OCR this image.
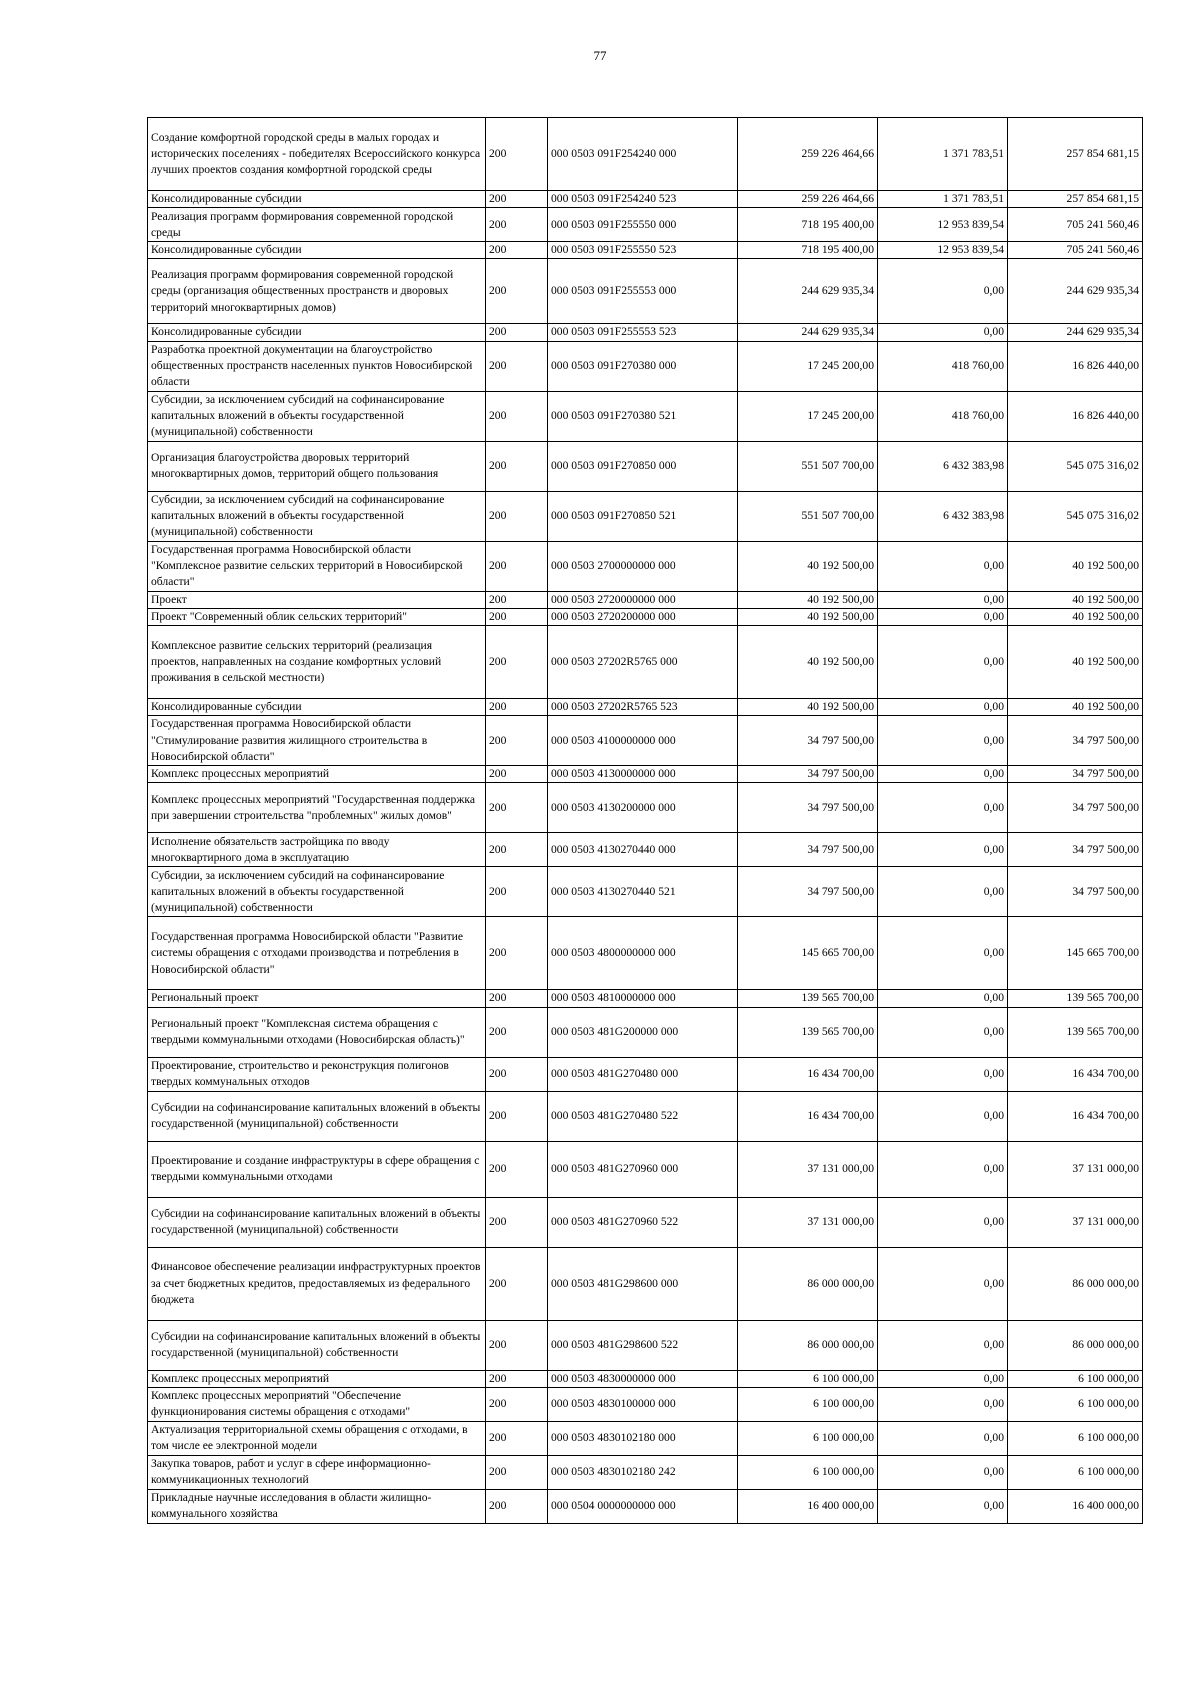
77
Создание комфортной городской среды в малых городах и исторических поселениях - победителях Всероссийского конкурса лучших проектов создания комфортной городской среды	200	000 0503 091F254240 000	259 226 464,66	1 371 783,51	257 854 681,15
Консолидированные субсидии	200	000 0503 091F254240 523	259 226 464,66	1 371 783,51	257 854 681,15
Реализация программ формирования современной городской среды	200	000 0503 091F255550 000	718 195 400,00	12 953 839,54	705 241 560,46
Консолидированные субсидии	200	000 0503 091F255550 523	718 195 400,00	12 953 839,54	705 241 560,46
Реализация программ формирования современной городской среды (организация общественных пространств и дворовых территорий многоквартирных домов)	200	000 0503 091F255553 000	244 629 935,34	0,00	244 629 935,34
Консолидированные субсидии	200	000 0503 091F255553 523	244 629 935,34	0,00	244 629 935,34
Разработка проектной документации на благоустройство общественных пространств населенных пунктов Новосибирской области	200	000 0503 091F270380 000	17 245 200,00	418 760,00	16 826 440,00
Субсидии, за исключением субсидий на софинансирование капитальных вложений в объекты государственной (муниципальной) собственности	200	000 0503 091F270380 521	17 245 200,00	418 760,00	16 826 440,00
Организация благоустройства дворовых территорий многоквартирных домов, территорий общего пользования	200	000 0503 091F270850 000	551 507 700,00	6 432 383,98	545 075 316,02
Субсидии, за исключением субсидий на софинансирование капитальных вложений в объекты государственной (муниципальной) собственности	200	000 0503 091F270850 521	551 507 700,00	6 432 383,98	545 075 316,02
Государственная программа Новосибирской области "Комплексное развитие сельских территорий в Новосибирской области"	200	000 0503 2700000000 000	40 192 500,00	0,00	40 192 500,00
Проект	200	000 0503 2720000000 000	40 192 500,00	0,00	40 192 500,00
Проект "Современный облик сельских территорий"	200	000 0503 2720200000 000	40 192 500,00	0,00	40 192 500,00
Комплексное развитие сельских территорий (реализация проектов, направленных на создание комфортных условий проживания в сельской местности)	200	000 0503 27202R5765 000	40 192 500,00	0,00	40 192 500,00
Консолидированные субсидии	200	000 0503 27202R5765 523	40 192 500,00	0,00	40 192 500,00
Государственная программа Новосибирской области "Стимулирование развития жилищного строительства в Новосибирской области"	200	000 0503 4100000000 000	34 797 500,00	0,00	34 797 500,00
Комплекс процессных мероприятий	200	000 0503 4130000000 000	34 797 500,00	0,00	34 797 500,00
Комплекс процессных мероприятий "Государственная поддержка при завершении строительства "проблемных" жилых домов"	200	000 0503 4130200000 000	34 797 500,00	0,00	34 797 500,00
Исполнение обязательств застройщика по вводу многоквартирного дома в эксплуатацию	200	000 0503 4130270440 000	34 797 500,00	0,00	34 797 500,00
Субсидии, за исключением субсидий на софинансирование капитальных вложений в объекты государственной (муниципальной) собственности	200	000 0503 4130270440 521	34 797 500,00	0,00	34 797 500,00
Государственная программа Новосибирской области "Развитие системы обращения с отходами производства и потребления в Новосибирской области"	200	000 0503 4800000000 000	145 665 700,00	0,00	145 665 700,00
Региональный проект	200	000 0503 4810000000 000	139 565 700,00	0,00	139 565 700,00
Региональный проект "Комплексная система обращения с твердыми коммунальными отходами (Новосибирская область)"	200	000 0503 481G200000 000	139 565 700,00	0,00	139 565 700,00
Проектирование, строительство и реконструкция полигонов твердых коммунальных отходов	200	000 0503 481G270480 000	16 434 700,00	0,00	16 434 700,00
Субсидии на софинансирование капитальных вложений в объекты государственной (муниципальной) собственности	200	000 0503 481G270480 522	16 434 700,00	0,00	16 434 700,00
Проектирование и создание инфраструктуры в сфере обращения с твердыми коммунальными отходами	200	000 0503 481G270960 000	37 131 000,00	0,00	37 131 000,00
Субсидии на софинансирование капитальных вложений в объекты государственной (муниципальной) собственности	200	000 0503 481G270960 522	37 131 000,00	0,00	37 131 000,00
Финансовое обеспечение реализации инфраструктурных проектов за счет бюджетных кредитов, предоставляемых из федерального бюджета	200	000 0503 481G298600 000	86 000 000,00	0,00	86 000 000,00
Субсидии на софинансирование капитальных вложений в объекты государственной (муниципальной) собственности	200	000 0503 481G298600 522	86 000 000,00	0,00	86 000 000,00
Комплекс процессных мероприятий	200	000 0503 4830000000 000	6 100 000,00	0,00	6 100 000,00
Комплекс процессных мероприятий "Обеспечение функционирования системы обращения с отходами"	200	000 0503 4830100000 000	6 100 000,00	0,00	6 100 000,00
Актуализация территориальной схемы обращения с отходами, в том числе ее электронной модели	200	000 0503 4830102180 000	6 100 000,00	0,00	6 100 000,00
Закупка товаров, работ и услуг в сфере информационно-коммуникационных технологий	200	000 0503 4830102180 242	6 100 000,00	0,00	6 100 000,00
Прикладные научные исследования в области жилищно-коммунального хозяйства	200	000 0504 0000000000 000	16 400 000,00	0,00	16 400 000,00
